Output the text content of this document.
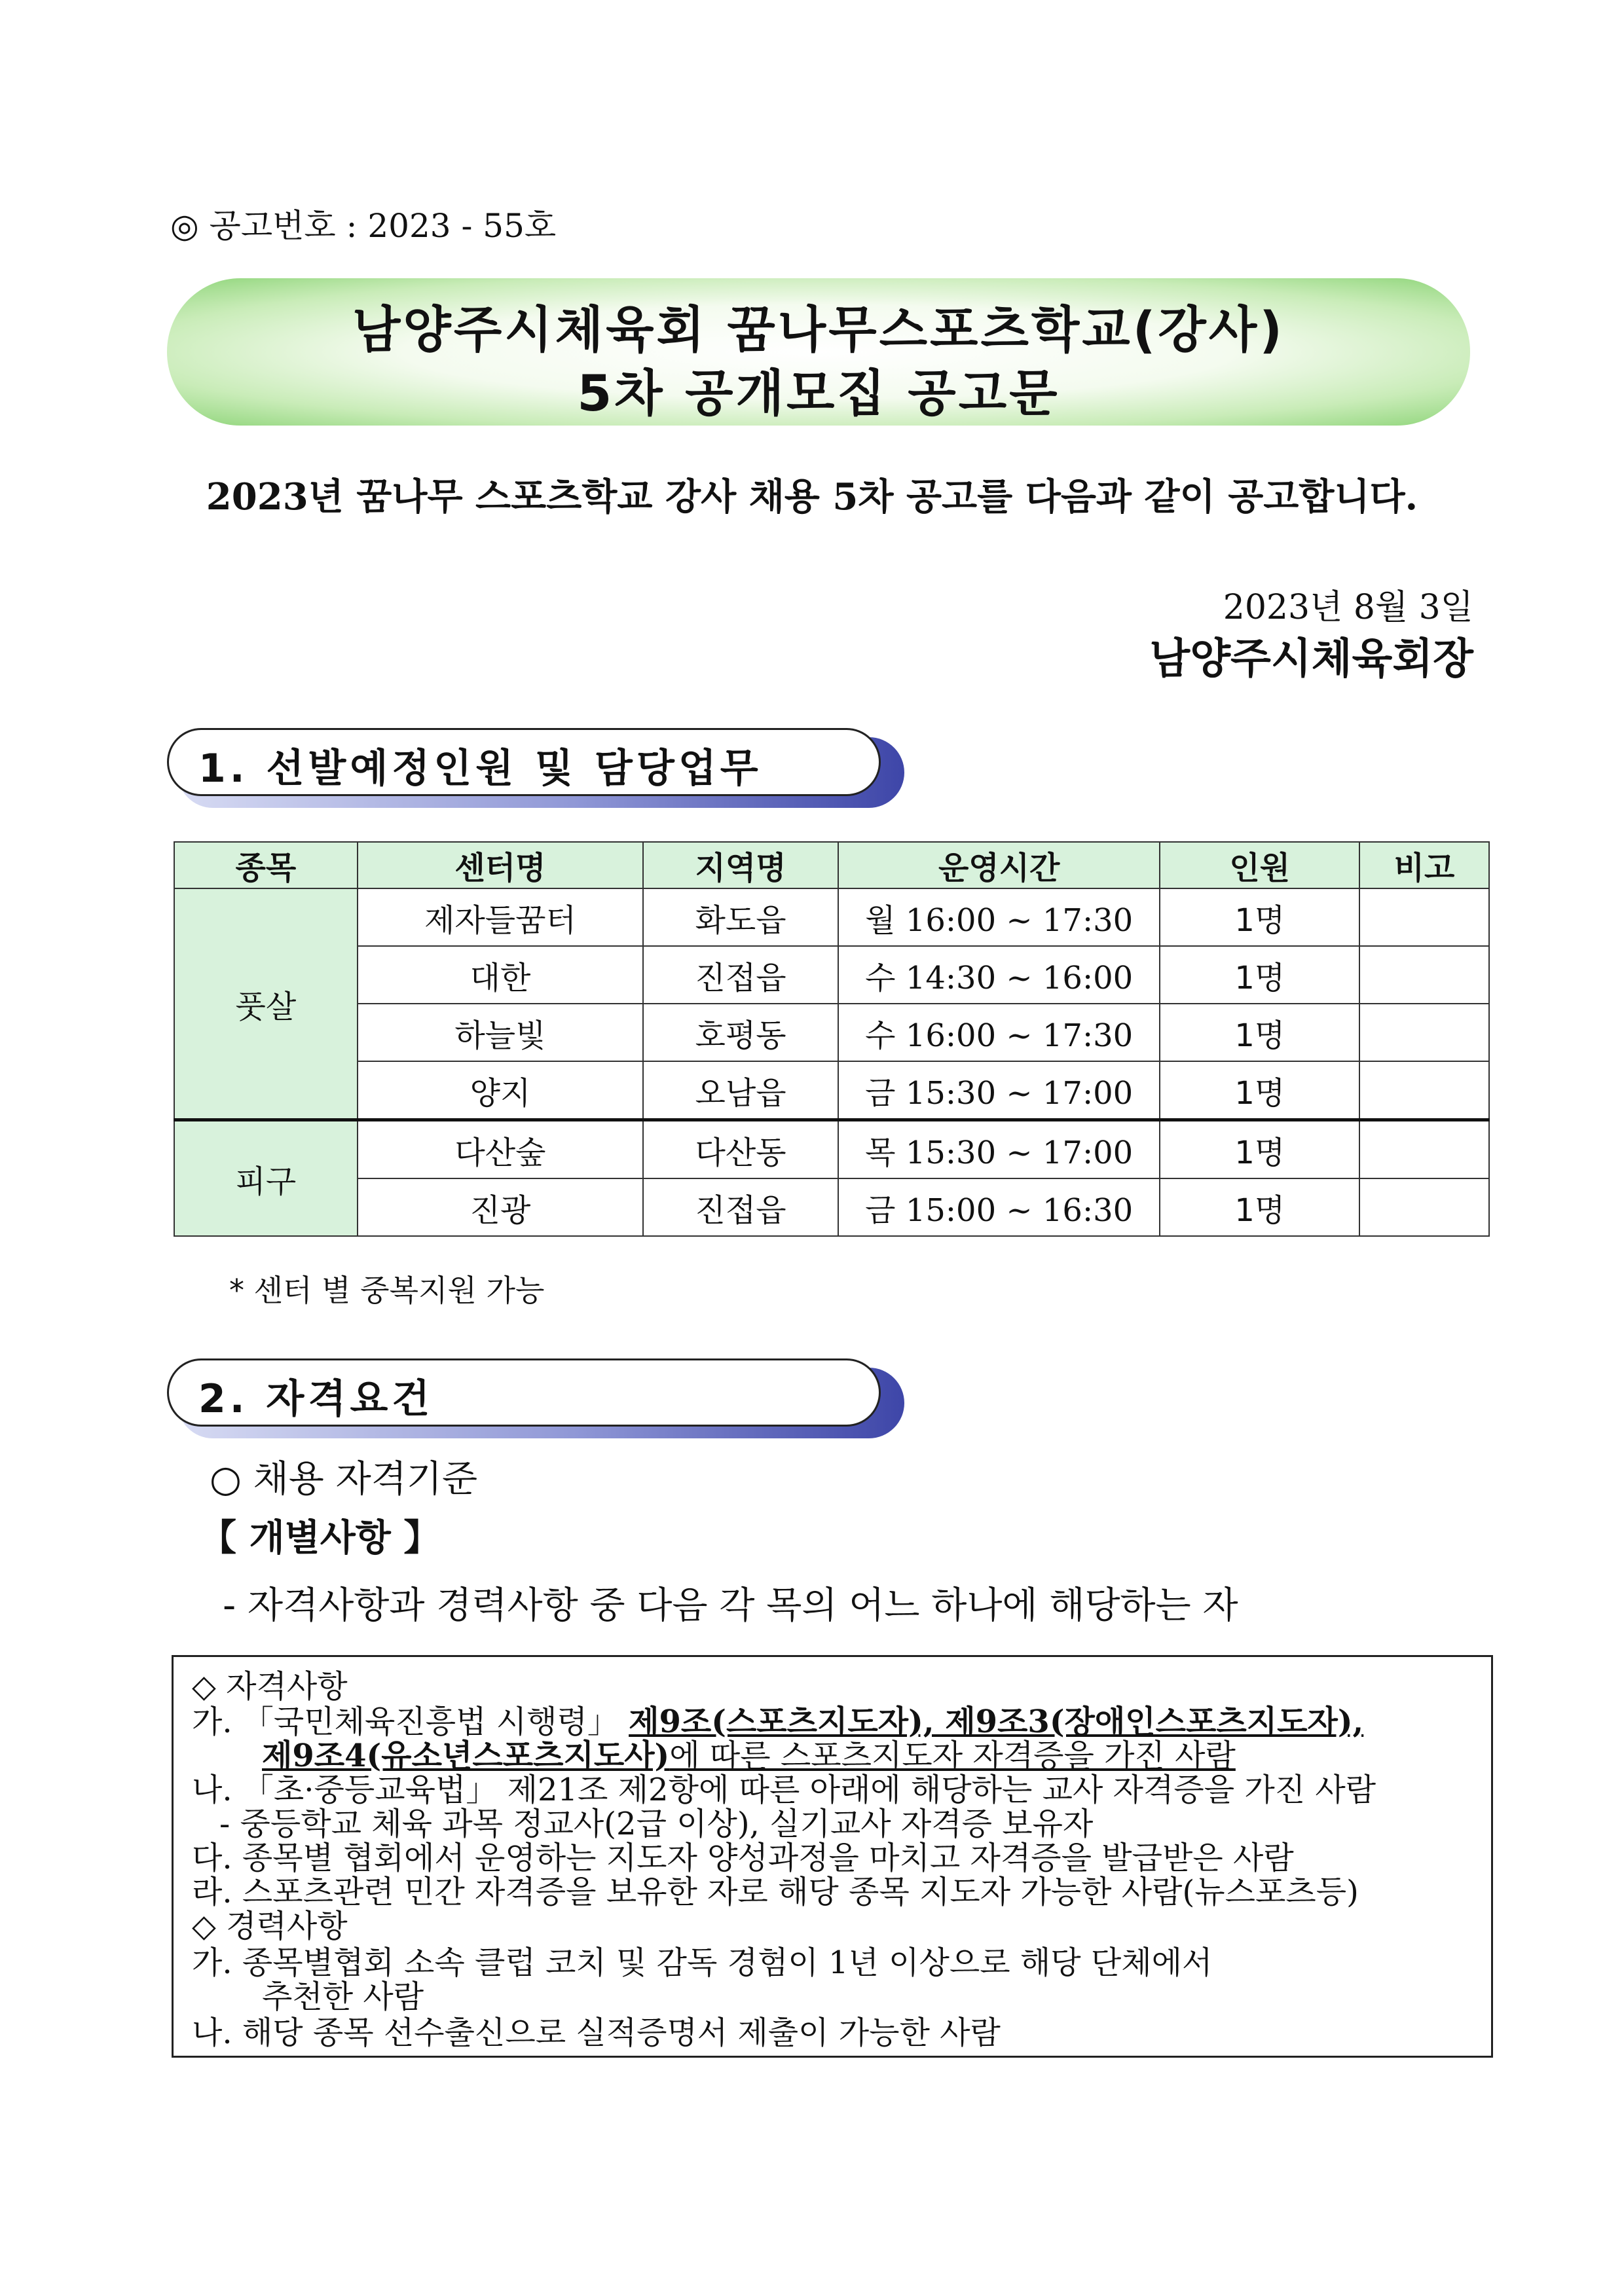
◎ 공고번호 : 2023 - 55호
남양주시체육회 꿈나무스포츠학교(강사)
5차 공개모집 공고문
2023년 꿈나무 스포츠학교 강사 채용 5차 공고를 다음과 같이 공고합니다.
2023년 8월 3일
남양주시체육회장
1. 선발예정인원 및 담당업무
종목	센터명	지역명	운영시간	인원	비고
풋살	제자들꿈터	화도읍	월 16:00 ~ 17:30	1명	
	대한	진접읍	수 14:30 ~ 16:00	1명	
	하늘빛	호평동	수 16:00 ~ 17:30	1명	
	양지	오남읍	금 15:30 ~ 17:00	1명	
피구	다산숲	다산동	목 15:30 ~ 17:00	1명	
	진광	진접읍	금 15:00 ~ 16:30	1명	
* 센터 별 중복지원 가능
2. 자격요건
○ 채용 자격기준
【 개별사항 】
- 자격사항과 경력사항 중 다음 각 목의 어느 하나에 해당하는 자
◇ 자격사항
가. 「국민체육진흥법 시행령」 제9조(스포츠지도자), 제9조3(장애인스포츠지도자),
제9조4(유소년스포츠지도사)에 따른 스포츠지도자 자격증을 가진 사람
나. 「초·중등교육법」 제21조 제2항에 따른 아래에 해당하는 교사 자격증을 가진 사람
- 중등학교 체육 과목 정교사(2급 이상), 실기교사 자격증 보유자
다. 종목별 협회에서 운영하는 지도자 양성과정을 마치고 자격증을 발급받은 사람
라. 스포츠관련 민간 자격증을 보유한 자로 해당 종목 지도자 가능한 사람(뉴스포츠등)
◇ 경력사항
가. 종목별협회 소속 클럽 코치 및 감독 경험이 1년 이상으로 해당 단체에서
추천한 사람
나. 해당 종목 선수출신으로 실적증명서 제출이 가능한 사람
